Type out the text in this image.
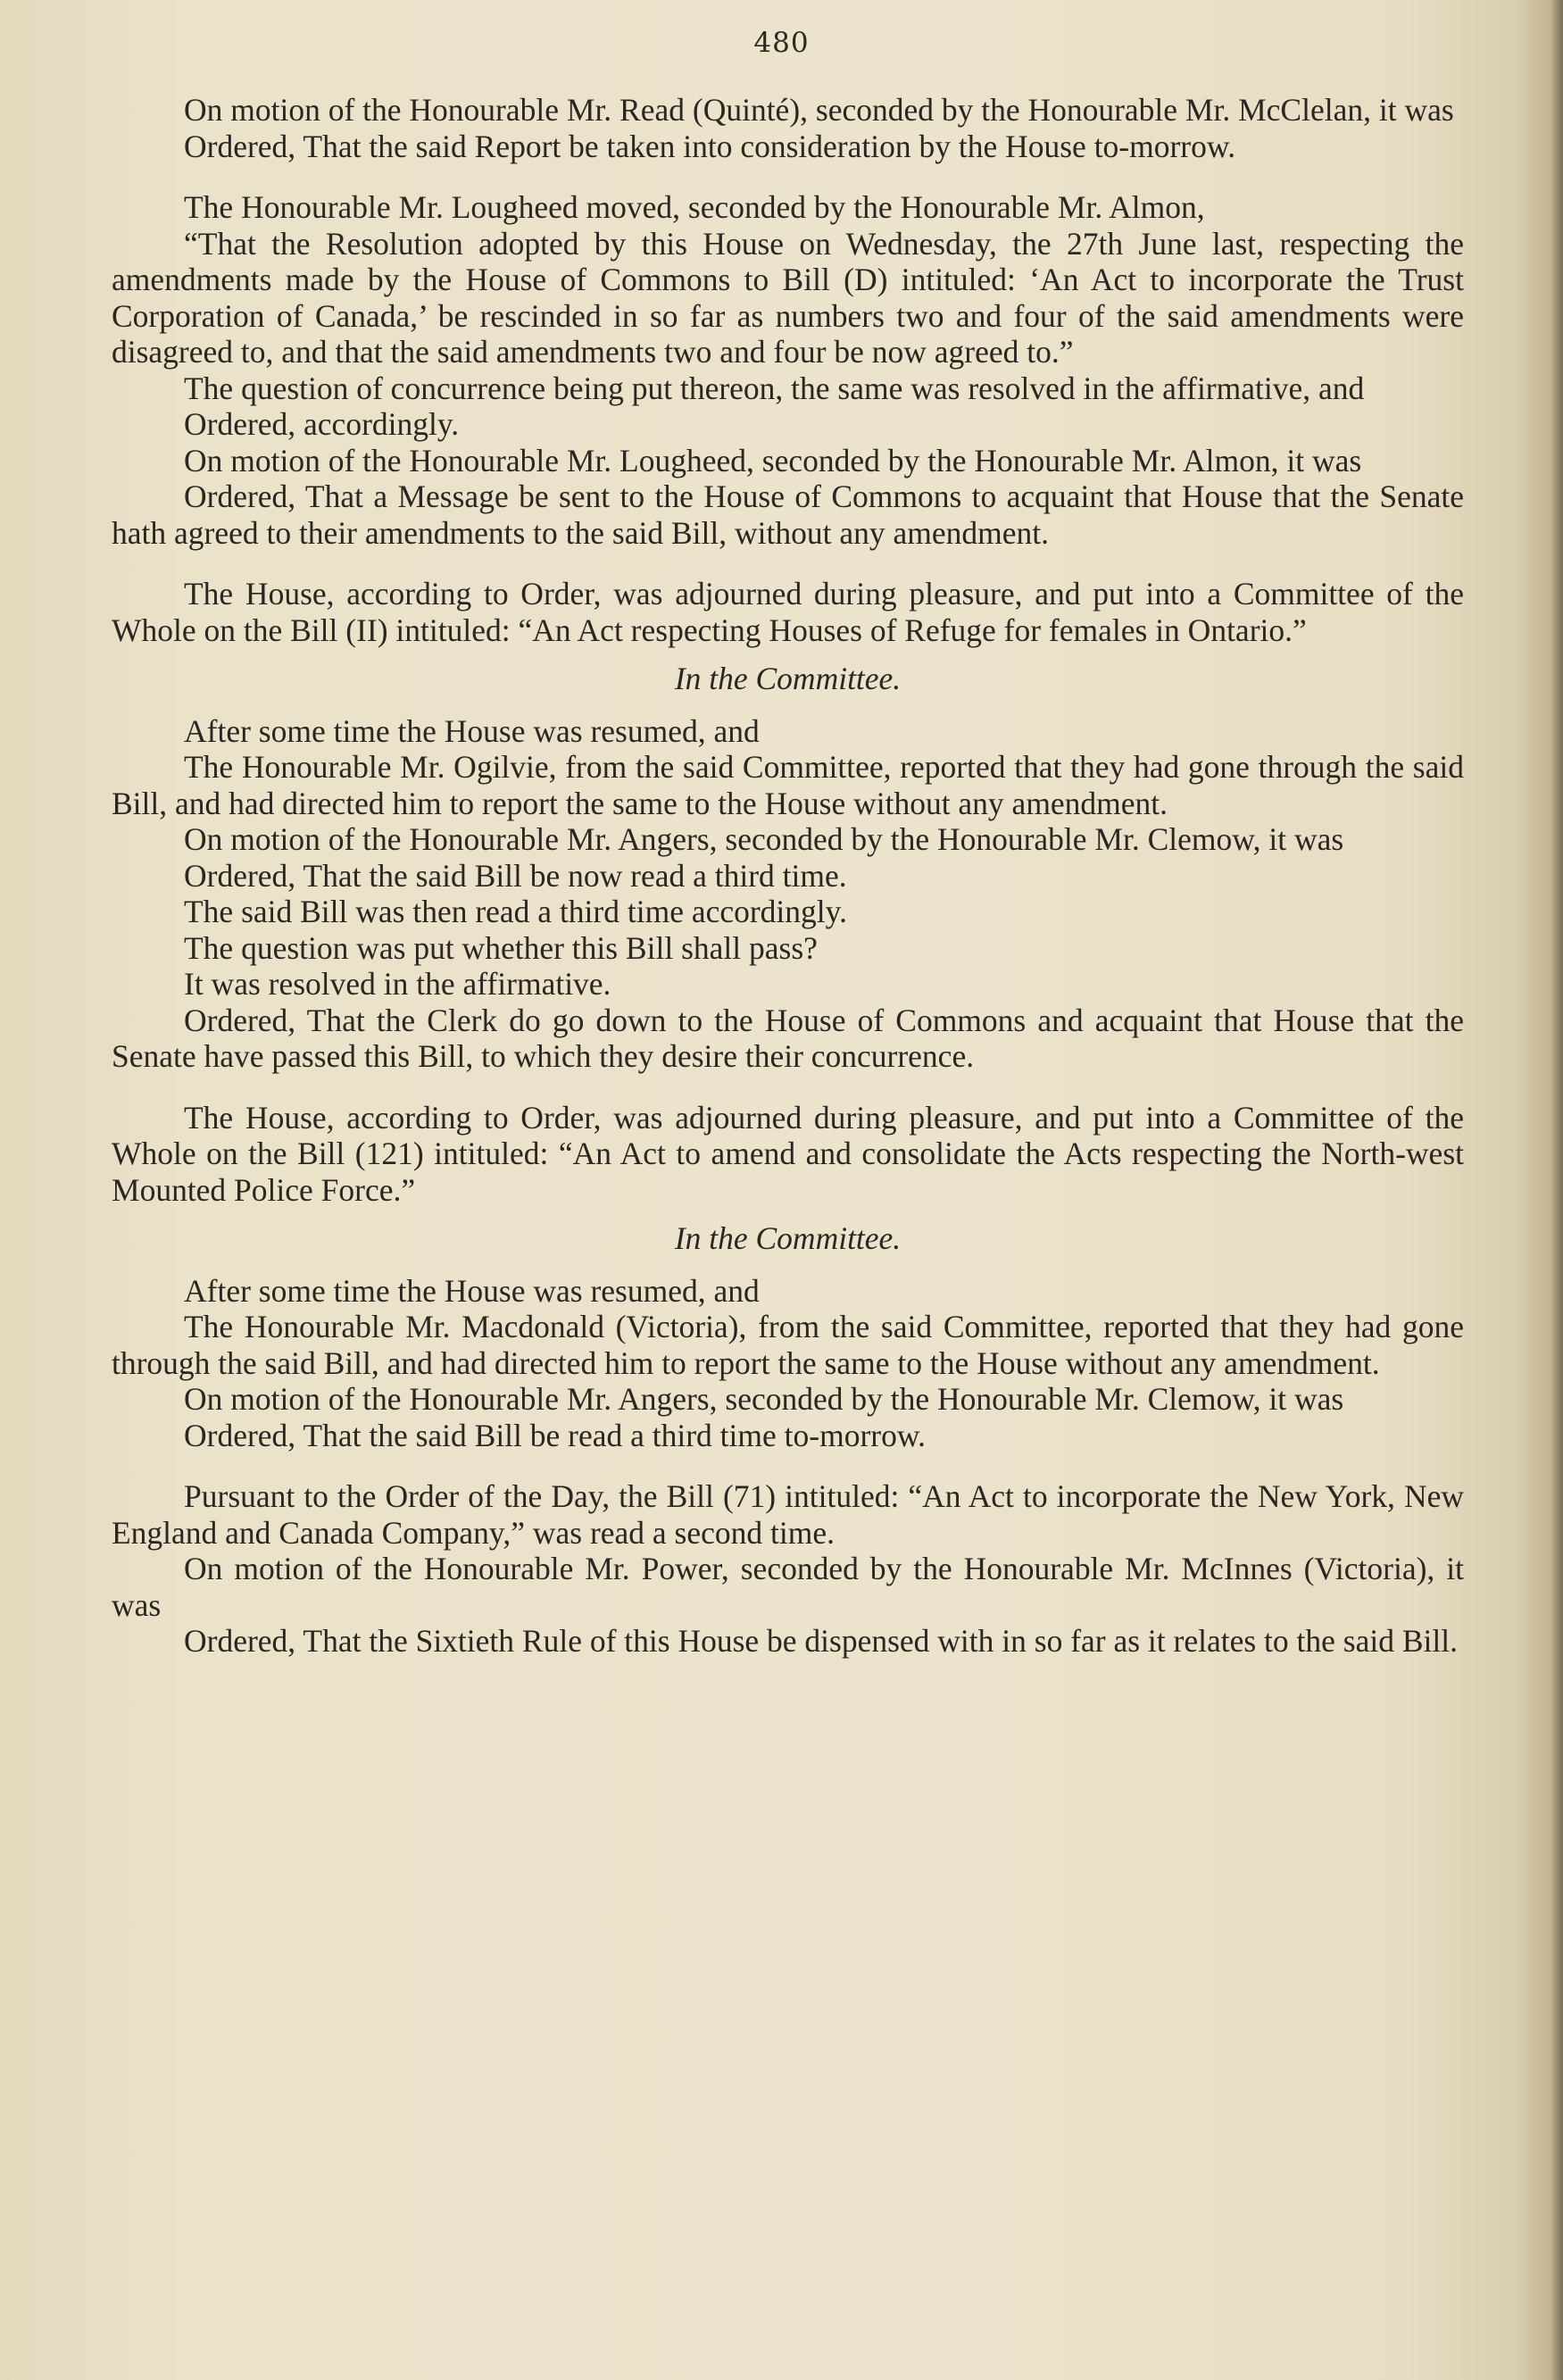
480

On motion of the Honourable Mr. Read (Quinté), seconded by the Honourable Mr. McClelan, it was

Ordered, That the said Report be taken into consideration by the House to-morrow.

The Honourable Mr. Lougheed moved, seconded by the Honourable Mr. Almon,

“That the Resolution adopted by this House on Wednesday, the 27th June last, respecting the amendments made by the House of Commons to Bill (D) intituled: ‘An Act to incorporate the Trust Corporation of Canada,’ be rescinded in so far as numbers two and four of the said amendments were disagreed to, and that the said amendments two and four be now agreed to.”

The question of concurrence being put thereon, the same was resolved in the affirmative, and

Ordered, accordingly.

On motion of the Honourable Mr. Lougheed, seconded by the Honourable Mr. Almon, it was

Ordered, That a Message be sent to the House of Commons to acquaint that House that the Senate hath agreed to their amendments to the said Bill, without any amendment.

The House, according to Order, was adjourned during pleasure, and put into a Committee of the Whole on the Bill (II) intituled: “An Act respecting Houses of Refuge for females in Ontario.”

In the Committee.

After some time the House was resumed, and

The Honourable Mr. Ogilvie, from the said Committee, reported that they had gone through the said Bill, and had directed him to report the same to the House without any amendment.

On motion of the Honourable Mr. Angers, seconded by the Honourable Mr. Clemow, it was

Ordered, That the said Bill be now read a third time.

The said Bill was then read a third time accordingly.

The question was put whether this Bill shall pass?

It was resolved in the affirmative.

Ordered, That the Clerk do go down to the House of Commons and acquaint that House that the Senate have passed this Bill, to which they desire their concurrence.

The House, according to Order, was adjourned during pleasure, and put into a Committee of the Whole on the Bill (121) intituled: “An Act to amend and consolidate the Acts respecting the North-west Mounted Police Force.”

In the Committee.

After some time the House was resumed, and

The Honourable Mr. Macdonald (Victoria), from the said Committee, reported that they had gone through the said Bill, and had directed him to report the same to the House without any amendment.

On motion of the Honourable Mr. Angers, seconded by the Honourable Mr. Clemow, it was

Ordered, That the said Bill be read a third time to-morrow.

Pursuant to the Order of the Day, the Bill (71) intituled: “An Act to incorporate the New York, New England and Canada Company,” was read a second time.

On motion of the Honourable Mr. Power, seconded by the Honourable Mr. McInnes (Victoria), it was

Ordered, That the Sixtieth Rule of this House be dispensed with in so far as it relates to the said Bill.
